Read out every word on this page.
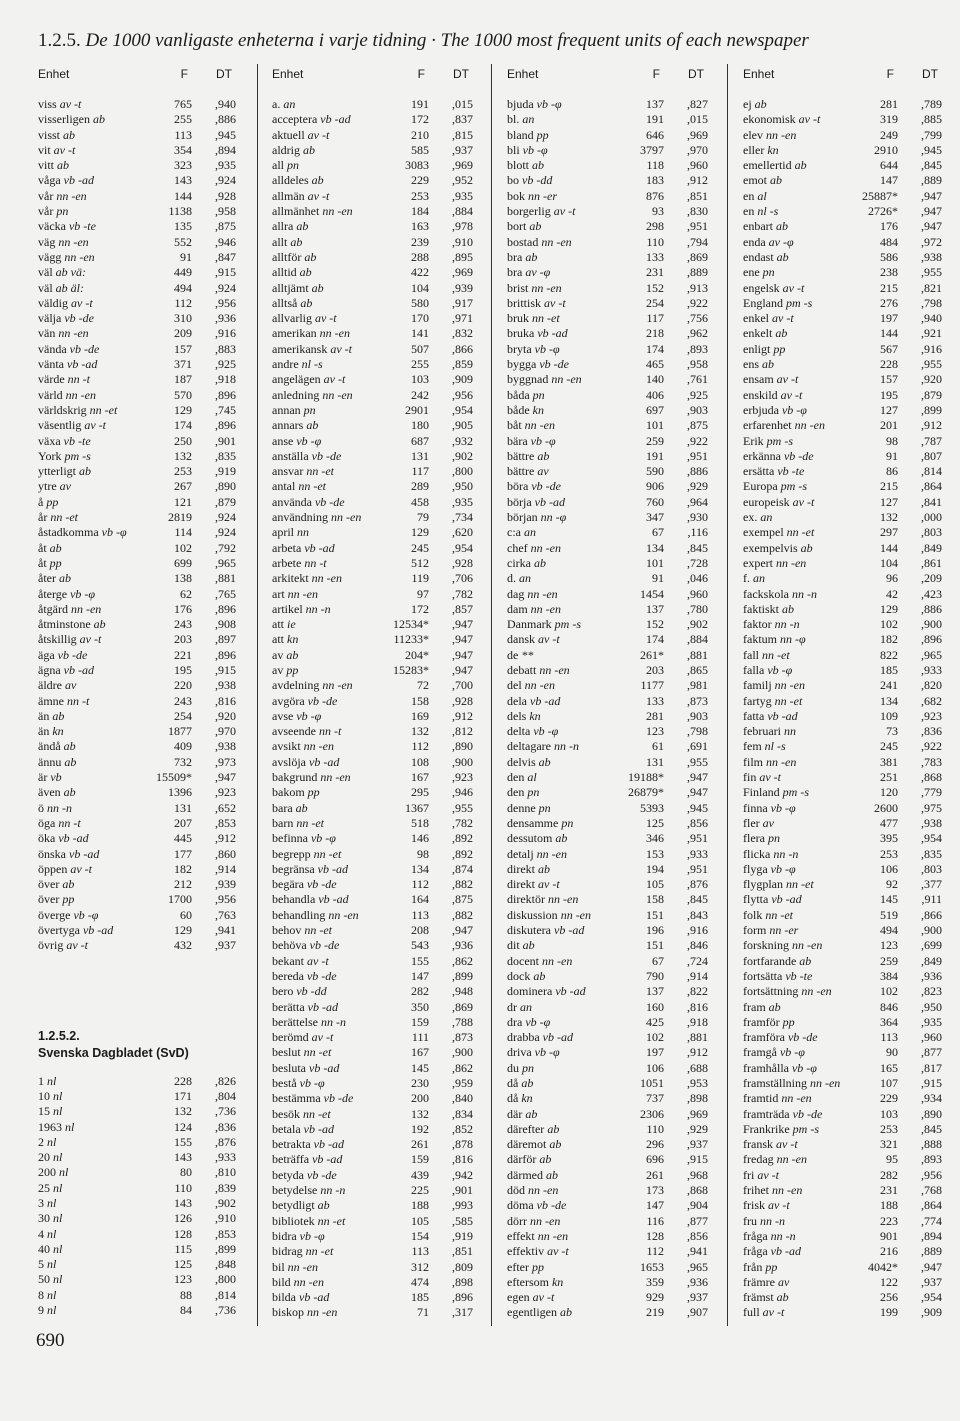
1.2.5. De 1000 vanligaste enheterna i varje tidning · The 1000 most frequent units of each newspaper
Enhet	F DT
viss av -t	765 ,940
visserligen ab	255 ,886
visst ab	113 ,945
vit av -t	354 ,894
vitt ab	323 ,935
våga vb -ad	143 ,924
vår nn -en	144 ,928
vår pn	1138 ,958
väcka vb -te	135 ,875
väg nn -en	552 ,946
vägg nn -en	91 ,847
väl ab vä:	449 ,915
väl ab äl:	494 ,924
väldig av -t	112 ,956
välja vb -de	310 ,936
vän nn -en	209 ,916
vända vb -de	157 ,883
vänta vb -ad	371 ,925
värde nn -t	187 ,918
värld nn -en	570 ,896
världskrig nn -et	129 ,745
väsentlig av -t	174 ,896
växa vb -te	250 ,901
York pm -s	132 ,835
ytterligt ab	253 ,919
ytre av	267 ,890
å pp	121 ,879
år nn -et	2819 ,924
åstadkomma vb -φ	114 ,924
åt ab	102 ,792
åt pp	699 ,965
åter ab	138 ,881
återge vb -φ	62 ,765
åtgärd nn -en	176 ,896
åtminstone ab	243 ,908
åtskillig av -t	203 ,897
äga vb -de	221 ,896
ägna vb -ad	195 ,915
äldre av	220 ,938
ämne nn -t	243 ,816
än ab	254 ,920
än kn	1877 ,970
ändå ab	409 ,938
ännu ab	732 ,973
är vb	15509* ,947
även ab	1396 ,923
ö nn -n	131 ,652
öga nn -t	207 ,853
öka vb -ad	445 ,912
önska vb -ad	177 ,860
öppen av -t	182 ,914
över ab	212 ,939
över pp	1700 ,956
överge vb -φ	60 ,763
övertyga vb -ad	129 ,941
övrig av -t	432 ,937
1.2.5.2.
Svenska Dagbladet (SvD)
1 nl	228 ,826
10 nl	171 ,804
15 nl	132 ,736
1963 nl	124 ,836
2 nl	155 ,876
20 nl	143 ,933
200 nl	80 ,810
25 nl	110 ,839
3 nl	143 ,902
30 nl	126 ,910
4 nl	128 ,853
40 nl	115 ,899
5 nl	125 ,848
50 nl	123 ,800
8 nl	88 ,814
9 nl	84 ,736
Enhet	F DT
a. an	191 ,015
acceptera vb -ad	172 ,837
aktuell av -t	210 ,815
aldrig ab	585 ,937
all pn	3083 ,969
alldeles ab	229 ,952
allmän av -t	253 ,935
allmänhet nn -en	184 ,884
allra ab	163 ,978
allt ab	239 ,910
alltför ab	288 ,895
alltid ab	422 ,969
alltjämt ab	104 ,939
alltså ab	580 ,917
allvarlig av -t	170 ,971
amerikan nn -en	141 ,832
amerikansk av -t	507 ,866
andre nl -s	255 ,859
angelägen av -t	103 ,909
anledning nn -en	242 ,956
annan pn	2901 ,954
annars ab	180 ,905
anse vb -φ	687 ,932
anställa vb -de	131 ,902
ansvar nn -et	117 ,800
antal nn -et	289 ,950
använda vb -de	458 ,935
användning nn -en	79 ,734
april nn	129 ,620
arbeta vb -ad	245 ,954
arbete nn -t	512 ,928
arkitekt nn -en	119 ,706
art nn -en	97 ,782
artikel nn -n	172 ,857
att ie	12534* ,947
att kn	11233* ,947
av ab	204* ,947
av pp	15283* ,947
avdelning nn -en	72 ,700
avgöra vb -de	158 ,928
avse vb -φ	169 ,912
avseende nn -t	132 ,812
avsikt nn -en	112 ,890
avslöja vb -ad	108 ,900
bakgrund nn -en	167 ,923
bakom pp	295 ,946
bara ab	1367 ,955
barn nn -et	518 ,782
befinna vb -φ	146 ,892
begrepp nn -et	98 ,892
begränsa vb -ad	134 ,874
begära vb -de	112 ,882
behandla vb -ad	164 ,875
behandling nn -en	113 ,882
behov nn -et	208 ,947
behöva vb -de	543 ,936
bekant av -t	155 ,862
bereda vb -de	147 ,899
bero vb -dd	282 ,948
berätta vb -ad	350 ,869
berättelse nn -n	159 ,788
berömd av -t	111 ,873
beslut nn -et	167 ,900
besluta vb -ad	145 ,862
bestå vb -φ	230 ,959
bestämma vb -de	200 ,840
besök nn -et	132 ,834
betala vb -ad	192 ,852
betrakta vb -ad	261 ,878
beträffa vb -ad	159 ,816
betyda vb -de	439 ,942
betydelse nn -n	225 ,901
betydligt ab	188 ,993
bibliotek nn -et	105 ,585
bidra vb -φ	154 ,919
bidrag nn -et	113 ,851
bil nn -en	312 ,809
bild nn -en	474 ,898
bilda vb -ad	185 ,896
biskop nn -en	71 ,317
Enhet	F DT
bjuda vb -φ	137 ,827
bl. an	191 ,015
bland pp	646 ,969
bli vb -φ	3797 ,970
blott ab	118 ,960
bo vb -dd	183 ,912
bok nn -er	876 ,851
borgerlig av -t	93 ,830
bort ab	298 ,951
bostad nn -en	110 ,794
bra ab	133 ,869
bra av -φ	231 ,889
brist nn -en	152 ,913
brittisk av -t	254 ,922
bruk nn -et	117 ,756
bruka vb -ad	218 ,962
bryta vb -φ	174 ,893
bygga vb -de	465 ,958
byggnad nn -en	140 ,761
båda pn	406 ,925
både kn	697 ,903
båt nn -en	101 ,875
bära vb -φ	259 ,922
bättre ab	191 ,951
bättre av	590 ,886
böra vb -de	906 ,929
börja vb -ad	760 ,964
början nn -φ	347 ,930
c:a an	67 ,116
chef nn -en	134 ,845
cirka ab	101 ,728
d. an	91 ,046
dag nn -en	1454 ,960
dam nn -en	137 ,780
Danmark pm -s	152 ,902
dansk av -t	174 ,884
de **	261* ,881
debatt nn -en	203 ,865
del nn -en	1177 ,981
dela vb -ad	133 ,873
dels kn	281 ,903
delta vb -φ	123 ,798
deltagare nn -n	61 ,691
delvis ab	131 ,955
den al	19188* ,947
den pn	26879* ,947
denne pn	5393 ,945
densamme pn	125 ,856
dessutom ab	346 ,951
detalj nn -en	153 ,933
direkt ab	194 ,951
direkt av -t	105 ,876
direktör nn -en	158 ,845
diskussion nn -en	151 ,843
diskutera vb -ad	196 ,916
dit ab	151 ,846
docent nn -en	67 ,724
dock ab	790 ,914
dominera vb -ad	137 ,822
dr an	160 ,816
dra vb -φ	425 ,918
drabba vb -ad	102 ,881
driva vb -φ	197 ,912
du pn	106 ,688
då ab	1051 ,953
då kn	737 ,898
där ab	2306 ,969
därefter ab	110 ,929
däremot ab	296 ,937
därför ab	696 ,915
därmed ab	261 ,968
död nn -en	173 ,868
döma vb -de	147 ,904
dörr nn -en	116 ,877
effekt nn -en	128 ,856
effektiv av -t	112 ,941
efter pp	1653 ,965
eftersom kn	359 ,936
egen av -t	929 ,937
egentligen ab	219 ,907
Enhet	F DT
ej ab	281 ,789
ekonomisk av -t	319 ,885
elev nn -en	249 ,799
eller kn	2910 ,945
emellertid ab	644 ,845
emot ab	147 ,889
en al	25887* ,947
en nl -s	2726* ,947
enbart ab	176 ,947
enda av -φ	484 ,972
endast ab	586 ,938
ene pn	238 ,955
engelsk av -t	215 ,821
England pm -s	276 ,798
enkel av -t	197 ,940
enkelt ab	144 ,921
enligt pp	567 ,916
ens ab	228 ,955
ensam av -t	157 ,920
enskild av -t	195 ,879
erbjuda vb -φ	127 ,899
erfarenhet nn -en	201 ,912
Erik pm -s	98 ,787
erkänna vb -de	91 ,807
ersätta vb -te	86 ,814
Europa pm -s	215 ,864
europeisk av -t	127 ,841
ex. an	132 ,000
exempel nn -et	297 ,803
exempelvis ab	144 ,849
expert nn -en	104 ,861
f. an	96 ,209
fackskola nn -n	42 ,423
faktiskt ab	129 ,886
faktor nn -n	102 ,900
faktum nn -φ	182 ,896
fall nn -et	822 ,965
falla vb -φ	185 ,933
familj nn -en	241 ,820
fartyg nn -et	134 ,682
fatta vb -ad	109 ,923
februari nn	73 ,836
fem nl -s	245 ,922
film nn -en	381 ,783
fin av -t	251 ,868
Finland pm -s	120 ,779
finna vb -φ	2600 ,975
fler av	477 ,938
flera pn	395 ,954
flicka nn -n	253 ,835
flyga vb -φ	106 ,803
flygplan nn -et	92 ,377
flytta vb -ad	145 ,911
folk nn -et	519 ,866
form nn -er	494 ,900
forskning nn -en	123 ,699
fortfarande ab	259 ,849
fortsätta vb -te	384 ,936
fortsättning nn -en	102 ,823
fram ab	846 ,950
framför pp	364 ,935
framföra vb -de	113 ,960
framgå vb -φ	90 ,877
framhålla vb -φ	165 ,817
framställning nn -en	107 ,915
framtid nn -en	229 ,934
framträda vb -de	103 ,890
Frankrike pm -s	253 ,845
fransk av -t	321 ,888
fredag nn -en	95 ,893
fri av -t	282 ,956
frihet nn -en	231 ,768
frisk av -t	188 ,864
fru nn -n	223 ,774
fråga nn -n	901 ,894
fråga vb -ad	216 ,889
från pp	4042* ,947
främre av	122 ,937
främst ab	256 ,954
full av -t	199 ,909
690
